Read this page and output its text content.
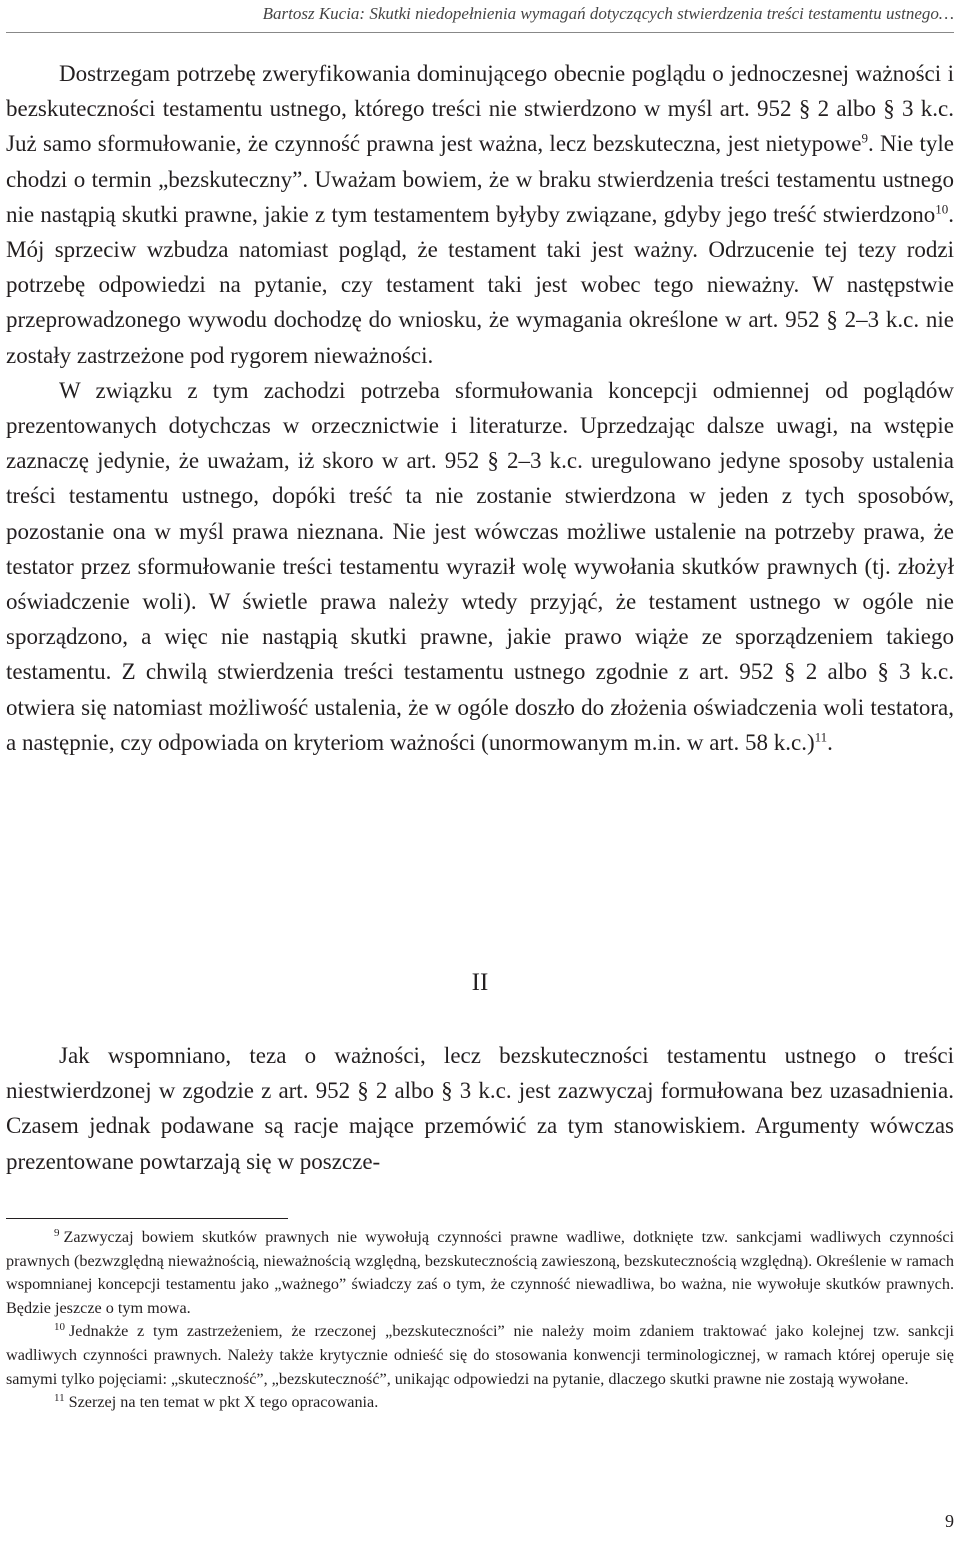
Bartosz Kucia: Skutki niedopełnienia wymagań dotyczących stwierdzenia treści testamentu ustnego…

Dostrzegam potrzebę zweryfikowania dominującego obecnie poglądu o jednoczesnej ważności i bezskuteczności testamentu ustnego, którego treści nie stwierdzono w myśl art. 952 § 2 albo § 3 k.c. Już samo sformułowanie, że czynność prawna jest ważna, lecz bezskuteczna, jest nietypowe$^9$. Nie tyle chodzi o termin „bezskuteczny”. Uważam bowiem, że w braku stwierdzenia treści testamentu ustnego nie nastąpią skutki prawne, jakie z tym testamentem byłyby związane, gdyby jego treść stwierdzono$^{10}$. Mój sprzeciw wzbudza natomiast pogląd, że testament taki jest ważny. Odrzucenie tej tezy rodzi potrzebę odpowiedzi na pytanie, czy testament taki jest wobec tego nieważny. W następstwie przeprowadzonego wywodu dochodzę do wniosku, że wymagania określone w art. 952 § 2–3 k.c. nie zostały zastrzeżone pod rygorem nieważności.

W związku z tym zachodzi potrzeba sformułowania koncepcji odmiennej od poglądów prezentowanych dotychczas w orzecznictwie i literaturze. Uprzedzając dalsze uwagi, na wstępie zaznaczę jedynie, że uważam, iż skoro w art. 952 § 2–3 k.c. uregulowano jedyne sposoby ustalenia treści testamentu ustnego, dopóki treść ta nie zostanie stwierdzona w jeden z tych sposobów, pozostanie ona w myśl prawa nieznana. Nie jest wówczas możliwe ustalenie na potrzeby prawa, że testator przez sformułowanie treści testamentu wyraził wolę wywołania skutków prawnych (tj. złożył oświadczenie woli). W świetle prawa należy wtedy przyjąć, że testament ustnego w ogóle nie sporządzono, a więc nie nastąpią skutki prawne, jakie prawo wiąże ze sporządzeniem takiego testamentu. Z chwilą stwierdzenia treści testamentu ustnego zgodnie z art. 952 § 2 albo § 3 k.c. otwiera się natomiast możliwość ustalenia, że w ogóle doszło do złożenia oświadczenia woli testatora, a następnie, czy odpowiada on kryteriom ważności (unormowanym m.in. w art. 58 k.c.)$^{11}$.

II

Jak wspomniano, teza o ważności, lecz bezskuteczności testamentu ustnego o treści niestwierdzonej w zgodzie z art. 952 § 2 albo § 3 k.c. jest zazwyczaj formułowana bez uzasadnienia. Czasem jednak podawane są racje mające przemówić za tym stanowiskiem. Argumenty wówczas prezentowane powtarzają się w poszcze-

$^9$ Zazwyczaj bowiem skutków prawnych nie wywołują czynności prawne wadliwe, dotknięte tzw. sankcjami wadliwych czynności prawnych (bezwzględną nieważnością, nieważnością względną, bezskutecznością zawieszoną, bezskutecznością względną). Określenie w ramach wspomnianej koncepcji testamentu jako „ważnego” świadczy zaś o tym, że czynność niewadliwa, bo ważna, nie wywołuje skutków prawnych. Będzie jeszcze o tym mowa.

$^{10}$ Jednakże z tym zastrzeżeniem, że rzeczonej „bezskuteczności” nie należy moim zdaniem traktować jako kolejnej tzw. sankcji wadliwych czynności prawnych. Należy także krytycznie odnieść się do stosowania konwencji terminologicznej, w ramach której operuje się samymi tylko pojęciami: „skuteczność”, „bezskuteczność”, unikając odpowiedzi na pytanie, dlaczego skutki prawne nie zostają wywołane.

$^{11}$ Szerzej na ten temat w pkt X tego opracowania.

9
